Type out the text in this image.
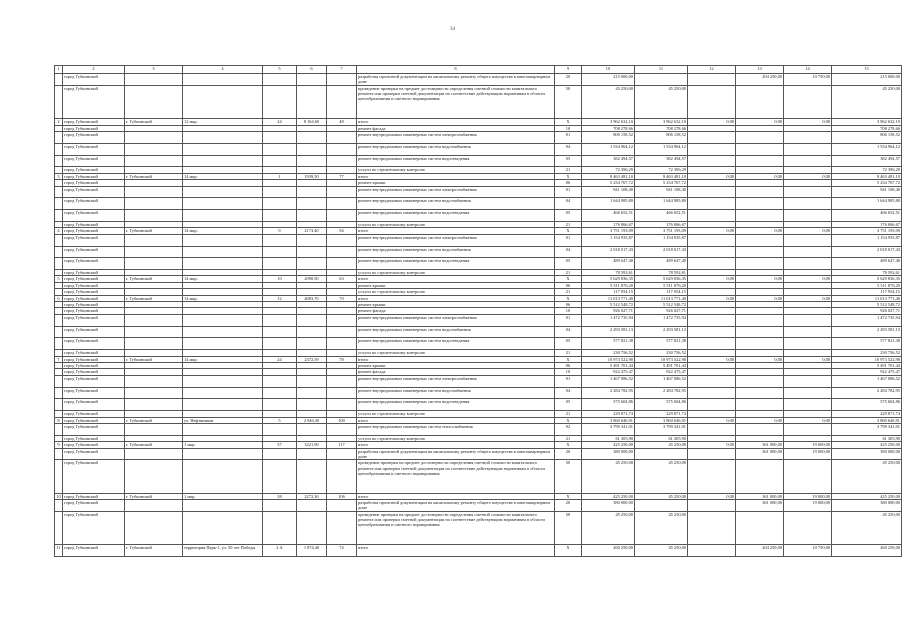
34
1	2	3	4	5	6	7	8	9	10	11	12	13	14	15
	город Губкинский						разработка проектной документации на капитальному ремонту общего имущества в многоквартирном доме	20	215 000,00			204 250,00	10 750,00	215 000,00
	город Губкинский						проведение проверки на предмет достоверности определения сметной стоимости капитального ремонта или проверки сметной документации на соответствие действующим нормативам в области ценообразования и сметного нормирования	50	45 250,00	45 250,00				45 250,00
2	город Губкинский	г. Губкинский	12 мкр.	24	8 164,60	48	итого	X	3 962 632,10	3 962 632,10	0,00	0,00	0,00	3 962 632,10
	город Губкинский						ремонт фасада	10	708 278,66	708 278,66				708 278,66
	город Губкинский						ремонт внутридомовых инженерных систем электроснабжения	01	806 158,52	806 158,52				806 158,52
	город Губкинский						ремонт внутридомовых инженерных систем водоснабжения	04	1 534 964,12	1 534 964,12				1 534 964,12
	город Губкинский						ремонт внутридомовых инженерных систем водоотведения	05	382 494,57	382 494,57				382 494,57
	город Губкинский						услуги по строительному контролю	21	72 396,29	72 396,29				72 396,29
3	город Губкинский	г. Губкинский	14 мкр.	1	1939,50	77	итого	X	8 463 481,10	8 463 481,10	0,00	0,00	0,00	8 463 481,10
	город Губкинский						ремонт крыши	06	5 234 767,72	5 234 767,72				5 234 767,72
	город Губкинский						ремонт внутридомовых инженерных систем электроснабжения	01	941 108,40	941 108,40				941 108,40
	город Губкинский						ремонт внутридомовых инженерных систем водоснабжения	04	1 644 985,80	1 644 985,80				1 644 985,80
	город Губкинский						ремонт внутридомовых инженерных систем водоотведения	05	466 652,51	466 652,51				466 652,51
	город Губкинский						услуги по строительному контролю	21	176 066,67	176 066,67				176 066,67
4	город Губкинский	г. Губкинский	14 мкр.	9	2173,40	94	итого	X	3 751 193,09	3 751 193,09	0,00	0,00	0,00	3 751 193,09
	город Губкинский						ремонт внутридомовых инженерных систем электроснабжения	01	1 154 935,87	1 154 935,87				1 154 935,87
	город Губкинский						ремонт внутридомовых инженерных систем водоснабжения	04	2 018 017,43	2 018 017,43				2 018 017,43
	город Губкинский						ремонт внутридомовых инженерных систем водоотведения	05	489 647,40	489 647,40				489 647,40
	город Губкинский						услуги по строительному контролю	21	78 592,61	78 592,61				78 592,61
5	город Губкинский	г. Губкинский	14 мкр.	10	2090,50	63	итого	X	5 629 836,35	5 629 836,35	0,00	0,00	0,00	5 629 836,35
	город Губкинский						ремонт крыши	06	5 511 876,20	5 511 876,20				5 511 876,20
	город Губкинский						услуги по строительному контролю	21	117 954,15	117 954,15				117 954,15
6	город Губкинский	г. Губкинский	14 мкр.	12	4083,70	70	итого	X	11 013 771,40	11 013 771,40	0,00	0,00	0,00	11 013 771,40
	город Губкинский						ремонт крыши	06	5 512 548,72	5 512 548,72				5 512 548,72
	город Губкинский						ремонт фасада	10	926 027,71	926 027,71				926 027,71
	город Губкинский						ремонт внутридомовых инженерных систем электроснабжения	01	1 472 735,94	1 472 735,94				1 472 735,94
	город Губкинский						ремонт внутридомовых инженерных систем водоснабжения	04	2 293 581,13	2 293 581,13				2 293 581,13
	город Губкинский						ремонт внутридомовых инженерных систем водоотведения	05	577 821,38	577 821,38				577 821,38
	город Губкинский						услуги по строительному контролю	21	230 756,52	230 756,52				230 756,52
7	город Губкинский	г. Губкинский	14 мкр.	24	2372,59	78	итого	X	10 973 522,98	10 973 522,98	0,00	0,00	0,00	10 973 522,98
	город Губкинский						ремонт крыши	06	5 491 701,44	5 491 701,44				5 491 701,44
	город Губкинский						ремонт фасада	10	922 475,47	922 475,47				922 475,47
	город Губкинский						ремонт внутридомовых инженерных систем электроснабжения	01	1 467 086,52	1 467 086,52				1 467 086,52
	город Губкинский						ремонт внутридомовых инженерных систем водоснабжения	04	2 284 782,95	2 284 782,95				2 284 782,95
	город Губкинский						ремонт внутридомовых инженерных систем водоотведения	05	575 604,86	575 604,86				575 604,86
	город Губкинский						услуги по строительному контролю	21	229 871,74	229 871,74				229 871,74
8	город Губкинский	г. Губкинский	ул. Нефтяников	5	2 946,30	100	итого	X	3 860 646,91	3 860 646,91	0,00	0,00	0,00	3 860 646,91
	город Губкинский						ремонт внутридомовых инженерных систем теплоснабжения	02	3 799 341,01	3 799 341,01				3 799 341,01
	город Губкинский						услуги по строительному контролю	21	61 305,90	61 305,90				61 305,90
9	город Губкинский	г. Губкинский	1 мкр.	37	3221,90	117	итого	X	425 250,00	45 250,00	0,00	361 000,00	19 000,00	425 250,00
	город Губкинский						разработка проектной документации на капитальному ремонту общего имущества в многоквартирном доме	20	380 000,00			361 000,00	19 000,00	380 000,00
	город Губкинский						проведение проверки на предмет достоверности определения сметной стоимости капитального ремонта или проверки сметной документации на соответствие действующим нормативам в области ценообразования и сметного нормирования	50	45 250,00	45 250,00				45 250,00
10	город Губкинский	г. Губкинский	1 мкр.	38	2272,30	106	итого	X	425 250,00	45 250,00	0,00	361 000,00	19 000,00	425 250,00
	город Губкинский						разработка проектной документации на капитальному ремонту общего имущества в многоквартирном доме	20	380 000,00			361 000,00	19 000,00	380 000,00
	город Губкинский						проведение проверки на предмет достоверности определения сметной стоимости капитального ремонта или проверки сметной документации на соответствие действующим нормативам в области ценообразования и сметного нормирования	50	45 250,00	45 250,00				45 250,00
11	город Губкинский	г. Губкинский	территория Парк-1, ул. 50 лет Победы	2 А	1 874,40	74	итого	X	260 250,00	45 250,00		204 250,00	10 750,00	260 250,00
